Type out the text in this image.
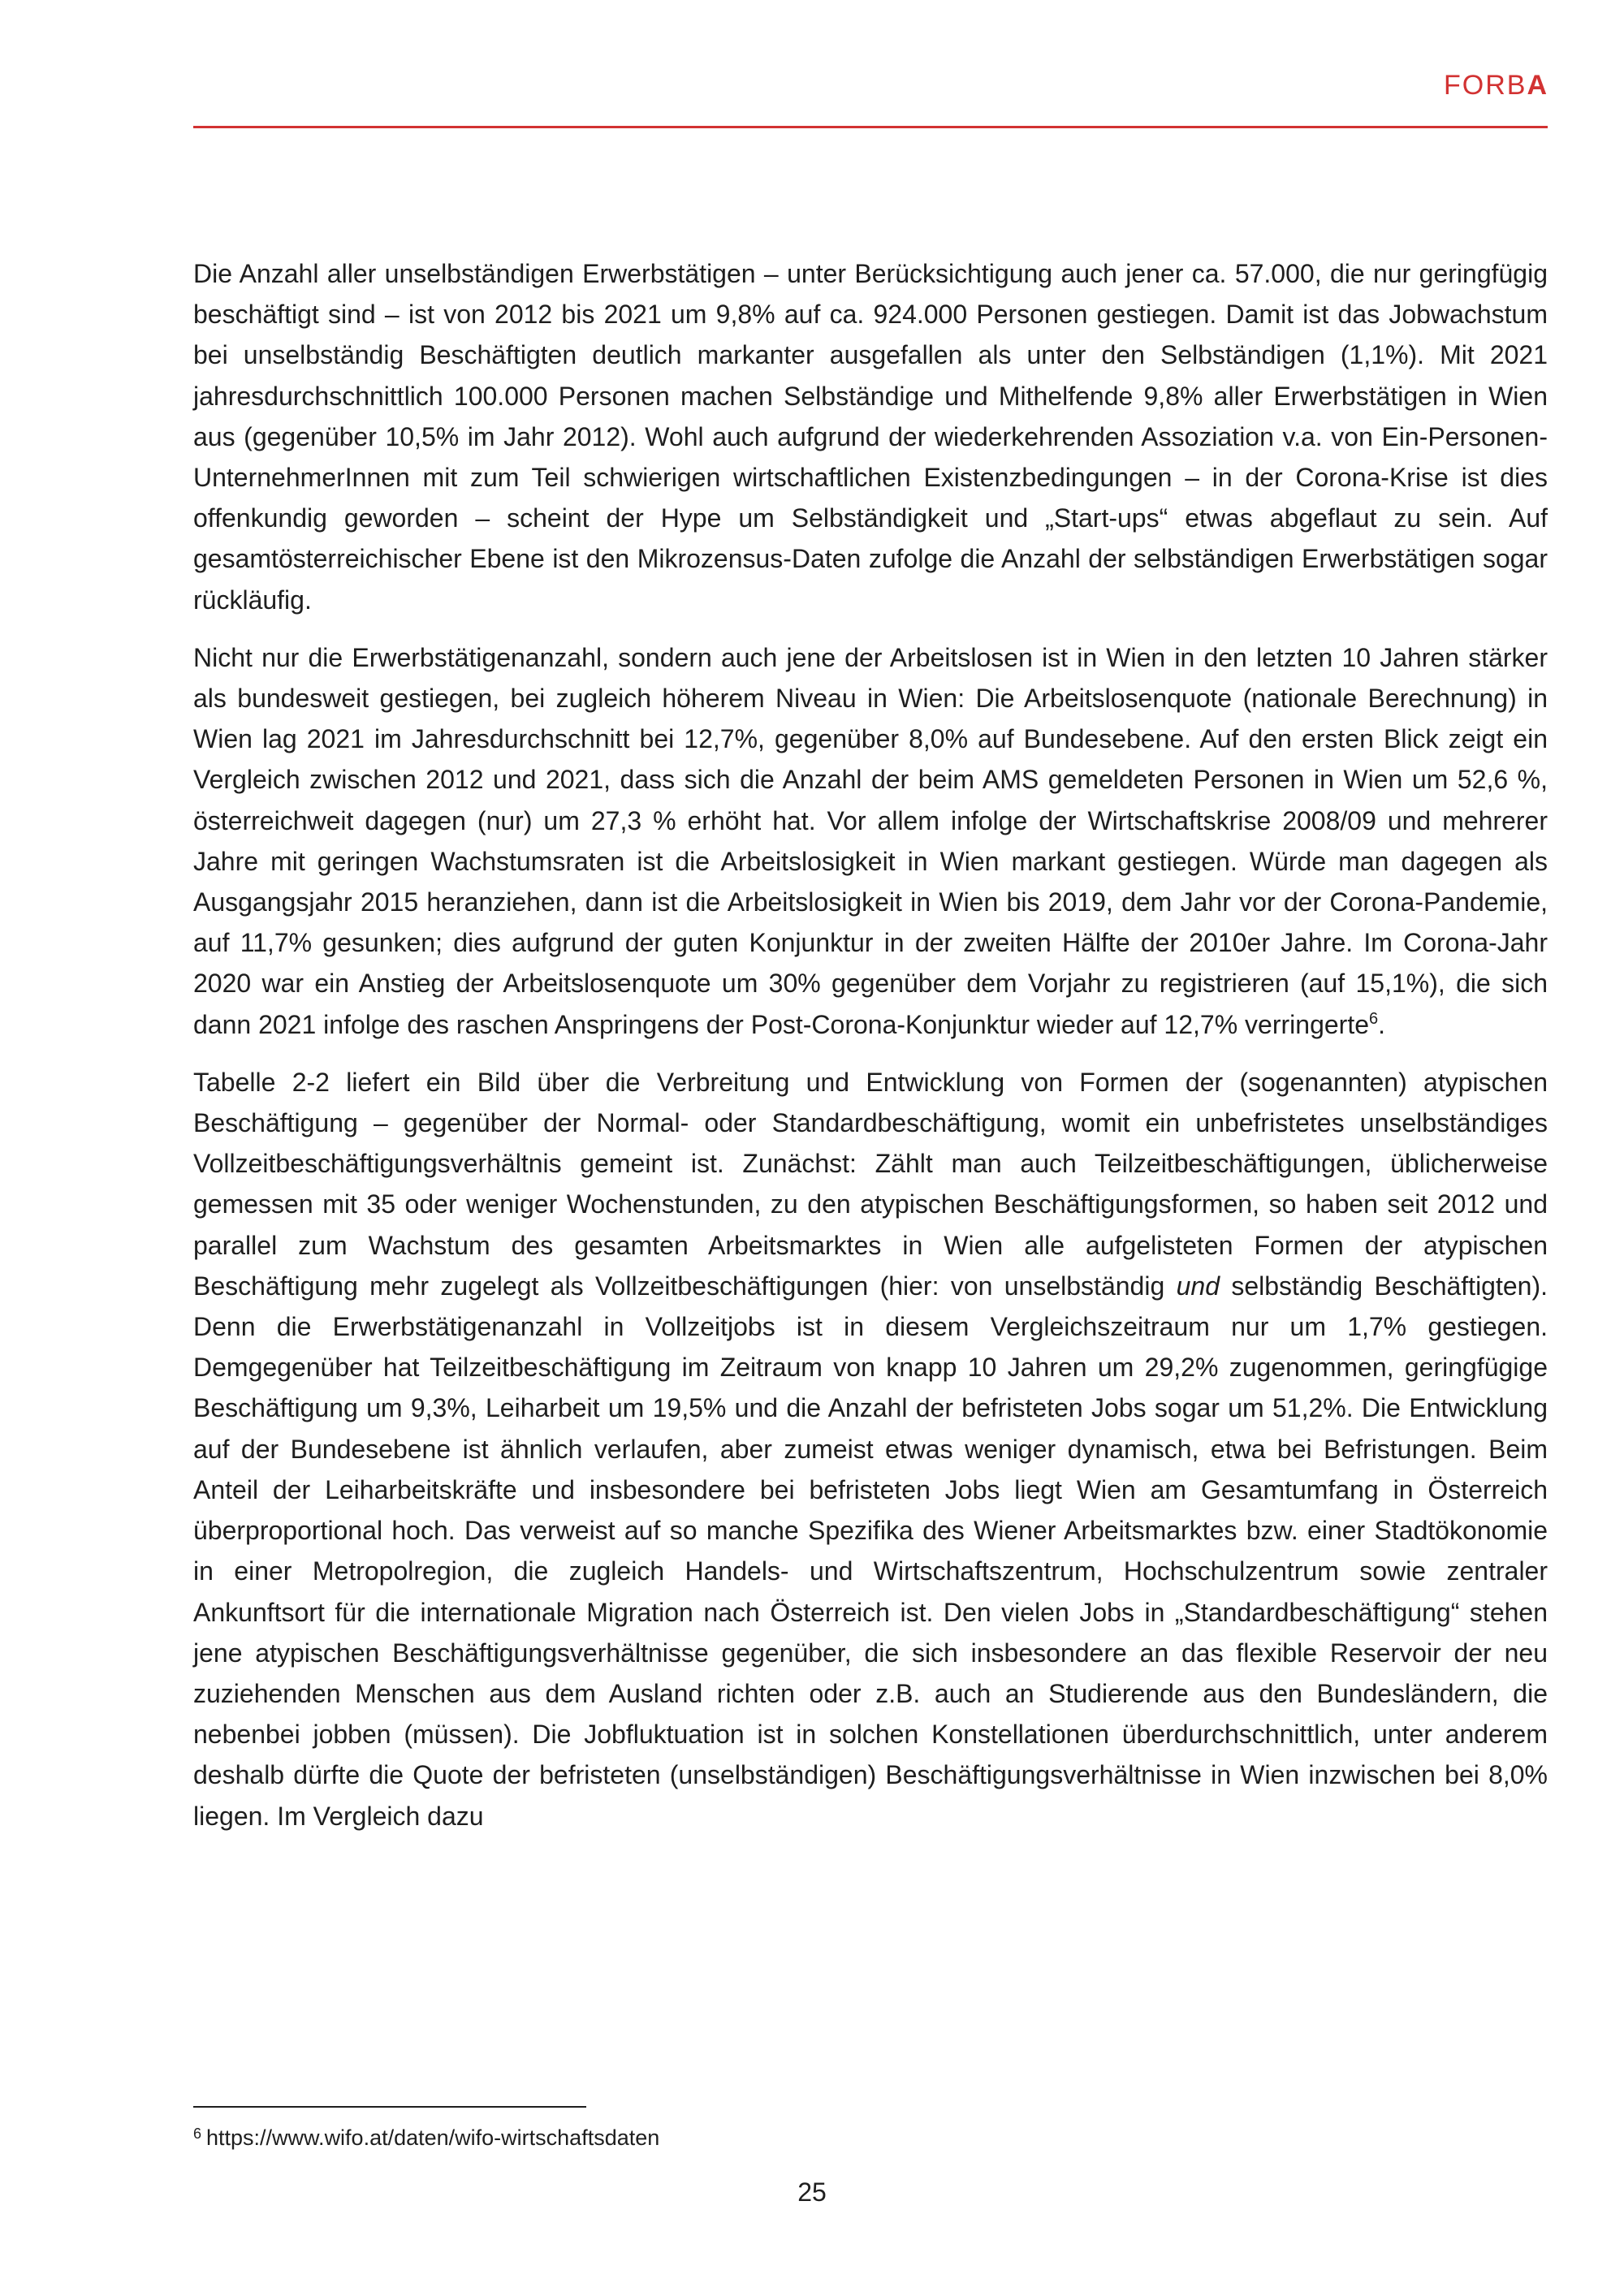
FORBA

Die Anzahl aller unselbständigen Erwerbstätigen – unter Berücksichtigung auch jener ca. 57.000, die nur geringfügig beschäftigt sind – ist von 2012 bis 2021 um 9,8% auf ca. 924.000 Personen gestiegen. Damit ist das Jobwachstum bei unselbständig Beschäftigten deutlich markanter ausgefallen als unter den Selbständigen (1,1%). Mit 2021 jahresdurchschnittlich 100.000 Personen machen Selbständige und Mithelfende 9,8% aller Erwerbstätigen in Wien aus (gegenüber 10,5% im Jahr 2012). Wohl auch aufgrund der wiederkehrenden Assoziation v.a. von Ein-Personen-UnternehmerInnen mit zum Teil schwierigen wirtschaftlichen Existenzbedingungen – in der Corona-Krise ist dies offenkundig geworden – scheint der Hype um Selbständigkeit und „Start-ups“ etwas abgeflaut zu sein. Auf gesamtösterreichischer Ebene ist den Mikrozensus-Daten zufolge die Anzahl der selbständigen Erwerbstätigen sogar rückläufig.

Nicht nur die Erwerbstätigenanzahl, sondern auch jene der Arbeitslosen ist in Wien in den letzten 10 Jahren stärker als bundesweit gestiegen, bei zugleich höherem Niveau in Wien: Die Arbeitslosenquote (nationale Berechnung) in Wien lag 2021 im Jahresdurchschnitt bei 12,7%, gegenüber 8,0% auf Bundesebene. Auf den ersten Blick zeigt ein Vergleich zwischen 2012 und 2021, dass sich die Anzahl der beim AMS gemeldeten Personen in Wien um 52,6 %, österreichweit dagegen (nur) um 27,3 % erhöht hat. Vor allem infolge der Wirtschaftskrise 2008/09 und mehrerer Jahre mit geringen Wachstumsraten ist die Arbeitslosigkeit in Wien markant gestiegen. Würde man dagegen als Ausgangsjahr 2015 heranziehen, dann ist die Arbeitslosigkeit in Wien bis 2019, dem Jahr vor der Corona-Pandemie, auf 11,7% gesunken; dies aufgrund der guten Konjunktur in der zweiten Hälfte der 2010er Jahre. Im Corona-Jahr 2020 war ein Anstieg der Arbeitslosenquote um 30% gegenüber dem Vorjahr zu registrieren (auf 15,1%), die sich dann 2021 infolge des raschen Anspringens der Post-Corona-Konjunktur wieder auf 12,7% verringerte$^6$.

Tabelle 2-2 liefert ein Bild über die Verbreitung und Entwicklung von Formen der (sogenannten) atypischen Beschäftigung – gegenüber der Normal- oder Standardbeschäftigung, womit ein unbefristetes unselbständiges Vollzeitbeschäftigungsverhältnis gemeint ist. Zunächst: Zählt man auch Teilzeitbeschäftigungen, üblicherweise gemessen mit 35 oder weniger Wochenstunden, zu den atypischen Beschäftigungsformen, so haben seit 2012 und parallel zum Wachstum des gesamten Arbeitsmarktes in Wien alle aufgelisteten Formen der atypischen Beschäftigung mehr zugelegt als Vollzeitbeschäftigungen (hier: von unselbständig und selbständig Beschäftigten). Denn die Erwerbstätigenanzahl in Vollzeitjobs ist in diesem Vergleichszeitraum nur um 1,7% gestiegen. Demgegenüber hat Teilzeitbeschäftigung im Zeitraum von knapp 10 Jahren um 29,2% zugenommen, geringfügige Beschäftigung um 9,3%, Leiharbeit um 19,5% und die Anzahl der befristeten Jobs sogar um 51,2%. Die Entwicklung auf der Bundesebene ist ähnlich verlaufen, aber zumeist etwas weniger dynamisch, etwa bei Befristungen. Beim Anteil der Leiharbeitskräfte und insbesondere bei befristeten Jobs liegt Wien am Gesamtumfang in Österreich überproportional hoch. Das verweist auf so manche Spezifika des Wiener Arbeitsmarktes bzw. einer Stadtökonomie in einer Metropolregion, die zugleich Handels- und Wirtschaftszentrum, Hochschulzentrum sowie zentraler Ankunftsort für die internationale Migration nach Österreich ist. Den vielen Jobs in „Standardbeschäftigung“ stehen jene atypischen Beschäftigungsverhältnisse gegenüber, die sich insbesondere an das flexible Reservoir der neu zuziehenden Menschen aus dem Ausland richten oder z.B. auch an Studierende aus den Bundesländern, die nebenbei jobben (müssen). Die Jobfluktuation ist in solchen Konstellationen überdurchschnittlich, unter anderem deshalb dürfte die Quote der befristeten (unselbständigen) Beschäftigungsverhältnisse in Wien inzwischen bei 8,0% liegen. Im Vergleich dazu

$^6$ https://www.wifo.at/daten/wifo-wirtschaftsdaten
25
